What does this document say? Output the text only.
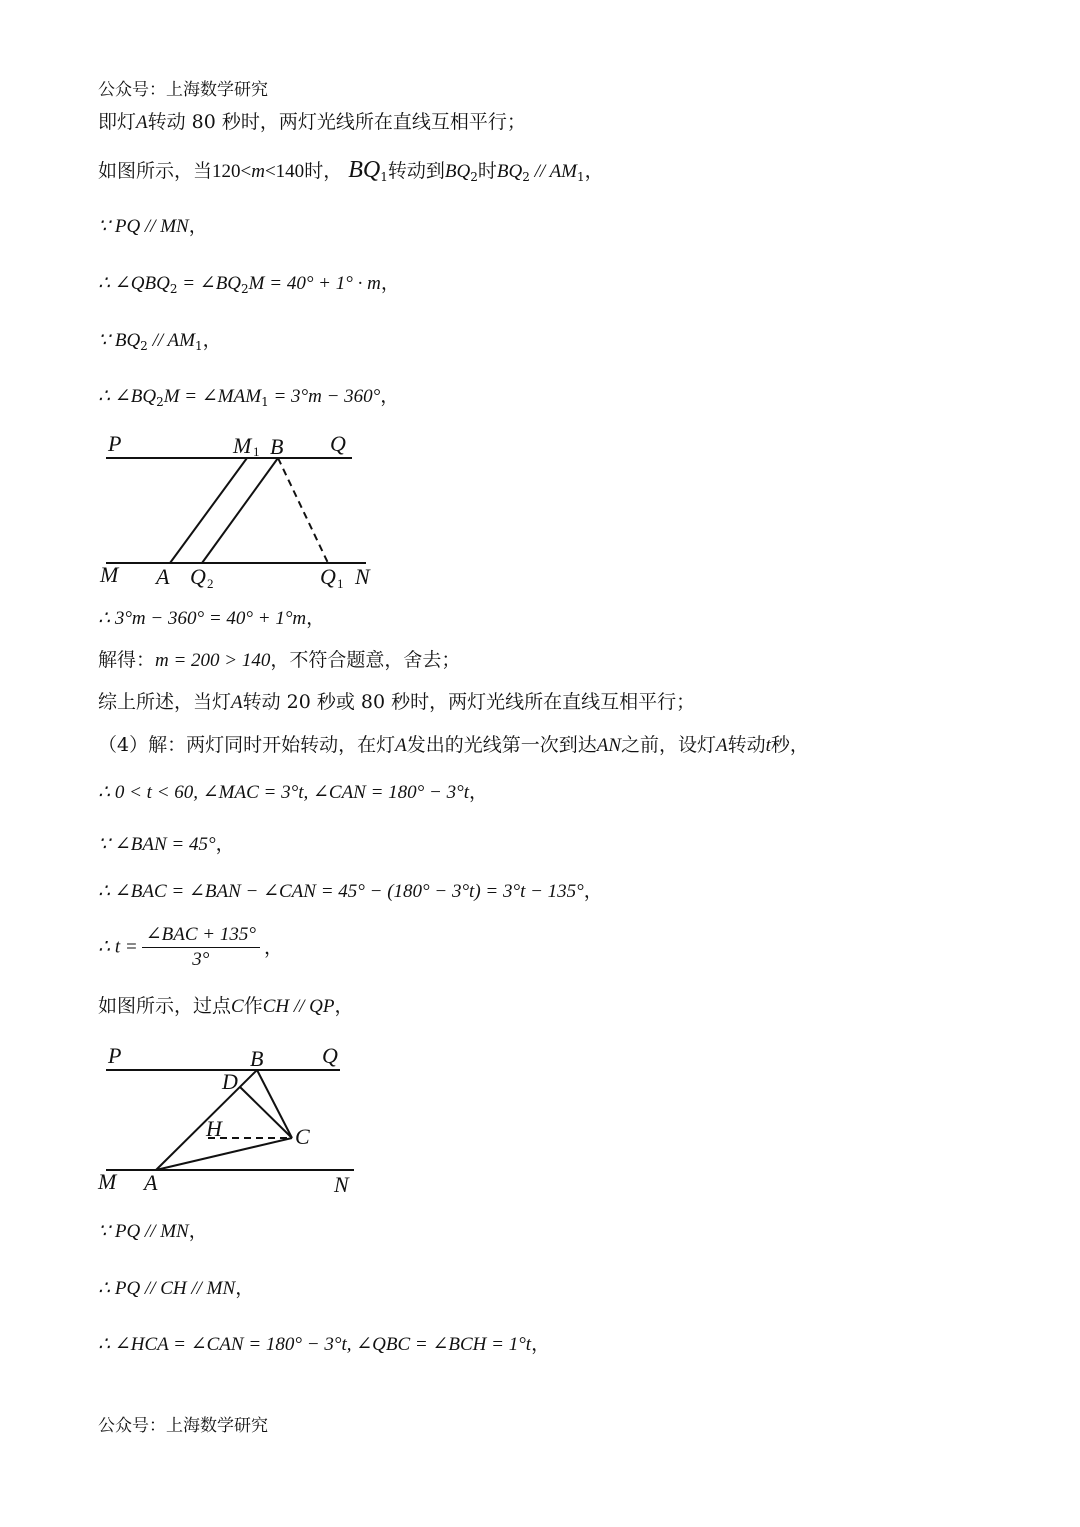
公众号：上海数学研究
即灯A转动 80 秒时，两灯光线所在直线互相平行；
如图所示，当120<m<140时， $BQ_1$转动到$BQ_2$时$BQ_2 // AM_1$，
∵ PQ // MN，
∴ $\angle QBQ_2$ = $\angle BQ_2M = 40^\circ + 1^\circ \cdot m$，
∵ $BQ_2 // AM_1$，
∴ $\angle BQ_2M$ = $\angle MAM_1 = 3^\circ m - 360^\circ$，
P	M 1 B Q
M A Q 2	Q 1 N
∴ 3°m − 360° = 40° + 1°m，
解得：m = 200 > 140，不符合题意，舍去；
综上所述，当灯A转动 20 秒或 80 秒时，两灯光线所在直线互相平行；
（4）解：两灯同时开始转动，在灯A发出的光线第一次到达AN之前，设灯A转动t秒，
∴ 0 < t < 60, ∠MAC = 3°t, ∠CAN = 180° − 3°t，
∵ ∠BAN = 45°，
∴ ∠BAC = ∠BAN − ∠CAN = 45° − (180° − 3°t) = 3°t − 135°，
∴ $t = \frac{\text{∠BAC + 135°}}{3^\circ}$ ，
如图所示，过点C作CH // QP，
P	B	Q
D
H	C
M A	N
∵ PQ // MN，
∴ PQ // CH // MN，
∴ ∠HCA = ∠CAN = 180° − 3°t, ∠QBC = ∠BCH = 1°t，
公众号：上海数学研究
